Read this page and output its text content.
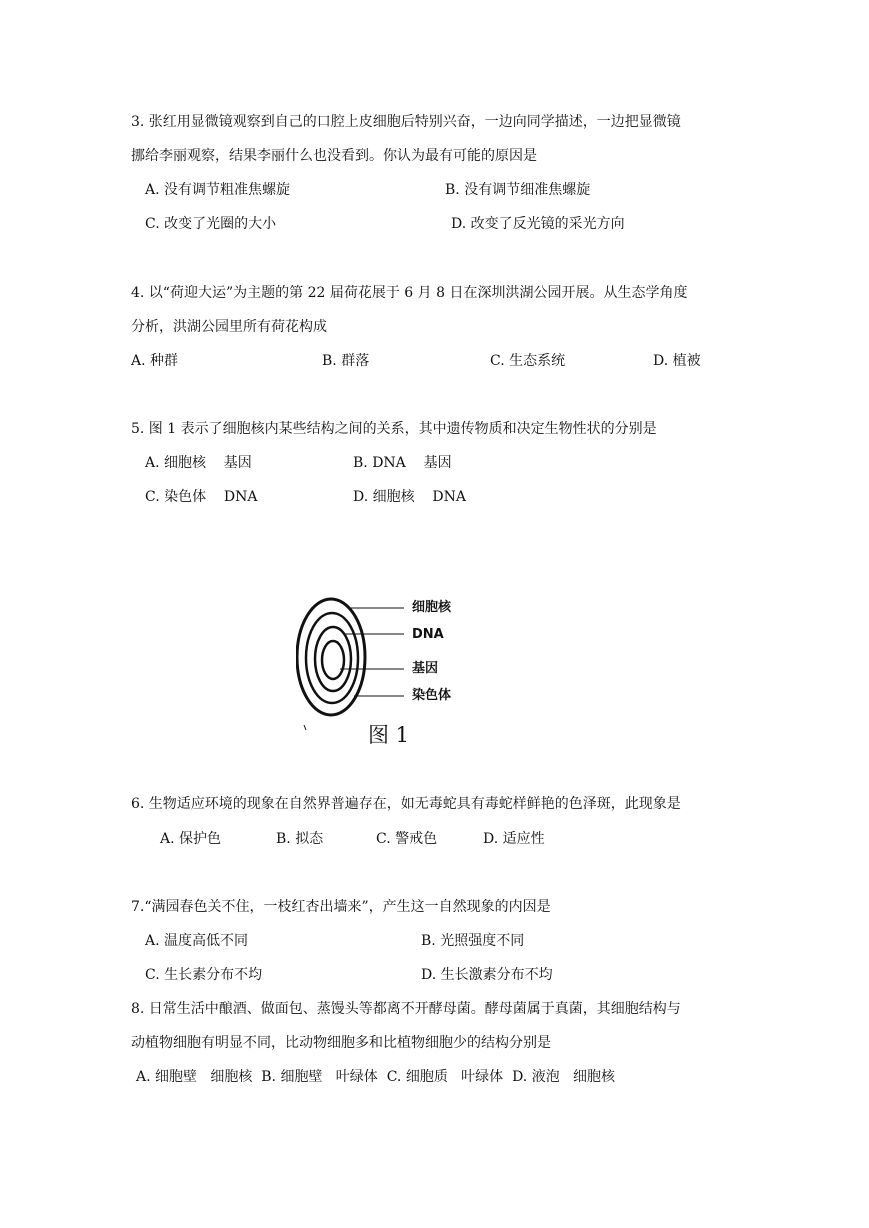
3. 张红用显微镜观察到自己的口腔上皮细胞后特别兴奋，一边向同学描述，一边把显微镜
挪给李丽观察，结果李丽什么也没看到。你认为最有可能的原因是
A. 没有调节粗准焦螺旋	B. 没有调节细准焦螺旋
C. 改变了光圈的大小	D. 改变了反光镜的采光方向
4. 以“荷迎大运”为主题的第 22 届荷花展于 6 月 8 日在深圳洪湖公园开展。从生态学角度
分析，洪湖公园里所有荷花构成
A. 种群	B. 群落	C. 生态系统	D. 植被
5. 图 1 表示了细胞核内某些结构之间的关系，其中遗传物质和决定生物性状的分别是
A. 细胞核    基因	B. DNA    基因
C. 染色体    DNA	D. 细胞核    DNA
细胞核
DNA
基因
染色体
图 1
6. 生物适应环境的现象在自然界普遍存在，如无毒蛇具有毒蛇样鲜艳的色泽斑，此现象是
A. 保护色	B. 拟态	C. 警戒色	D. 适应性
7.“满园春色关不住，一枝红杏出墙来”，产生这一自然现象的内因是
A. 温度高低不同	B. 光照强度不同
C. 生长素分布不均	D. 生长激素分布不均
8. 日常生活中酿酒、做面包、蒸馒头等都离不开酵母菌。酵母菌属于真菌，其细胞结构与
动植物细胞有明显不同，比动物细胞多和比植物细胞少的结构分别是
A. 细胞壁   细胞核  B. 细胞壁   叶绿体  C. 细胞质   叶绿体  D. 液泡   细胞核
